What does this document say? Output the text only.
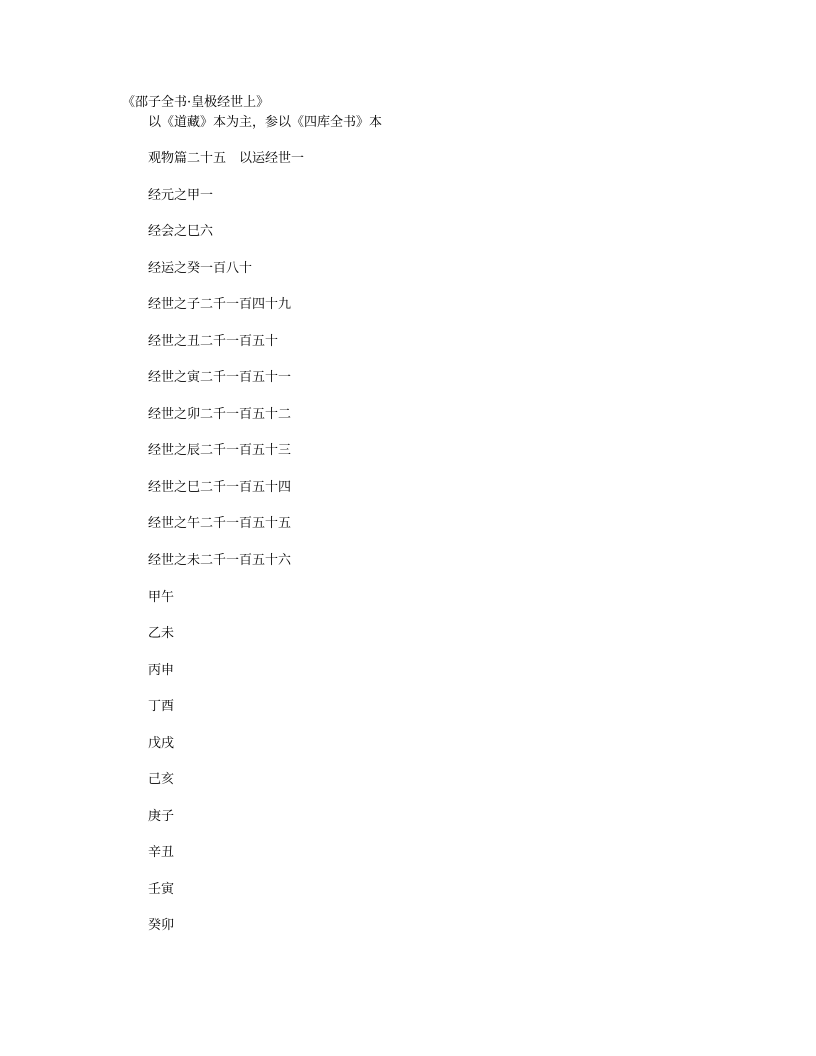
《邵子全书·皇极经世上》
以《道藏》本为主，参以《四库全书》本
观物篇二十五　以运经世一
经元之甲一
经会之巳六
经运之癸一百八十
经世之子二千一百四十九
经世之丑二千一百五十
经世之寅二千一百五十一
经世之卯二千一百五十二
经世之辰二千一百五十三
经世之巳二千一百五十四
经世之午二千一百五十五
经世之未二千一百五十六
甲午
乙未
丙申
丁酉
戊戌
己亥
庚子
辛丑
壬寅
癸卯
